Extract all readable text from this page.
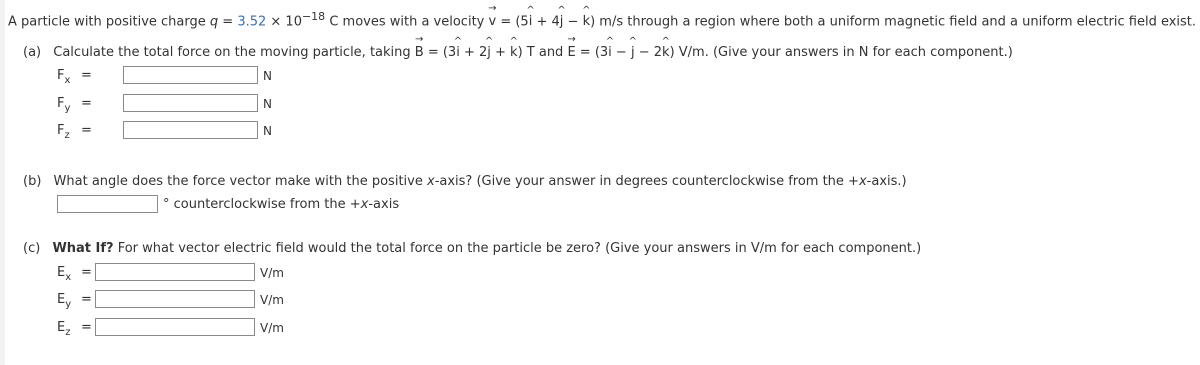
A particle with positive charge $q = 3.52 \times 10^{-18}$ C moves with a velocity → v = (5^ i + 4^ j − ^ k) m/s through a region where both a uniform magnetic field and a uniform electric field exist.
(a) Calculate the total force on the moving particle, taking → B = (3^ i + 2^ j + ^ k) T and → E = (3^ i − ^ j − 2^ k) V/m. (Give your answers in N for each component.)
$F_x$ =	N
$F_y$ =	N
$F_z$ =	N
(b) What angle does the force vector make with the positive x-axis? (Give your answer in degrees counterclockwise from the +x-axis.)
° counterclockwise from the +x-axis
(c) What If? For what vector electric field would the total force on the particle be zero? (Give your answers in V/m for each component.)
$E_x$ =	V/m
$E_y$ =	V/m
$E_z$ =	V/m
